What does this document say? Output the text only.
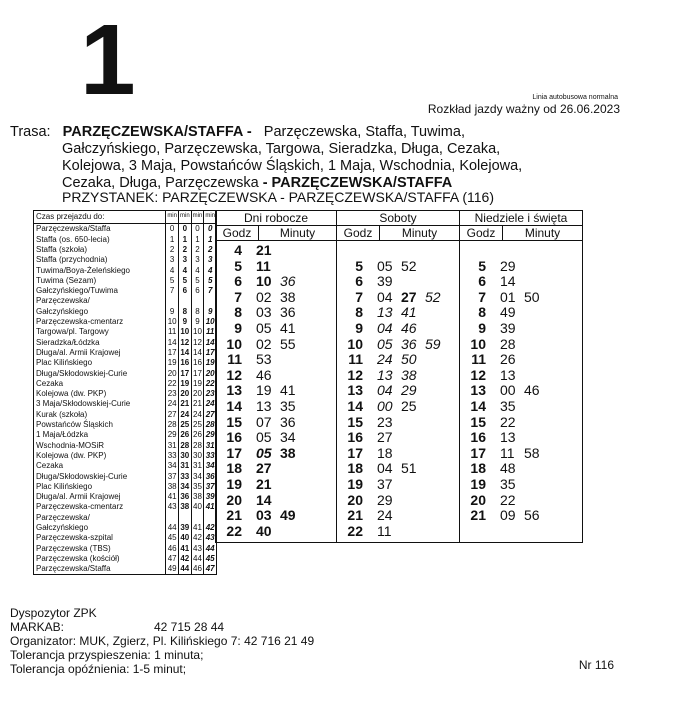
1	Linia autobusowa normalna
Rozkład jazdy ważny od 26.06.2023
Trasa: PARZĘCZEWSKA/STAFFA - Parzęczewska, Staffa, Tuwima,
Gałczyńskiego, Parzęczewska, Targowa, Sieradzka, Długa, Cezaka,
Kolejowa, 3 Maja, Powstańców Śląskich, 1 Maja, Wschodnia, Kolejowa,
Cezaka, Długa, Parzęczewska - PARZĘCZEWSKA/STAFFA
PRZYSTANEK: PARZĘCZEWSKA - PARZĘCZEWSKA/STAFFA (116)
Czas przejazdu do:	min	min	min	min
Parzęczewska/Staffa	0	0	0	0
Staffa (os. 650-lecia)	1	1	1	1
Staffa (szkoła)	2	2	2	2
Staffa (przychodnia)	3	3	3	3
Tuwima/Boya-Żeleńskiego	4	4	4	4
Tuwima (Sezam)	5	5	5	5
Gałczyńskiego/Tuwima	7	6	6	7
Parzęczewska/				
Gałczyńskiego	9	8	8	9
Parzęczewska-cmentarz	10	9	9	10
Targowa/pl. Targowy	11	10	10	11
Sieradzka/Łódzka	14	12	12	14
Długa/al. Armii Krajowej	17	14	14	17
Plac Kilińskiego	19	16	16	19
Długa/Skłodowskiej-Curie	20	17	17	20
Cezaka	22	19	19	22
Kolejowa (dw. PKP)	23	20	20	23
3 Maja/Skłodowskiej-Curie	24	21	21	24
Kurak (szkoła)	27	24	24	27
Powstańców Śląskich	28	25	25	28
1 Maja/Łódzka	29	26	26	29
Wschodnia-MOSiR	31	28	28	31
Kolejowa (dw. PKP)	33	30	30	33
Cezaka	34	31	31	34
Długa/Skłodowskiej-Curie	37	33	34	36
Plac Kilińskiego	38	34	35	37
Długa/al. Armii Krajowej	41	36	38	39
Parzęczewska-cmentarz	43	38	40	41
Parzęczewska/				
Gałczyńskiego	44	39	41	42
Parzęczewska-szpital	45	40	42	43
Parzęczewska (TBS)	46	41	43	44
Parzęczewska (kościół)	47	42	44	45
Parzęczewska/Staffa	49	44	46	47
Dni robocze
Godz	Minuty
4	21
5	11
6	10 36
7	02 38
8	03 36
9	05 41
10	02 55
11	53
12	46
13	19 41
14	13 35
15	07 36
16	05 34
17	05 38
18	27
19	21
20	14
21	03 49
22	40
Soboty
Godz	Minuty
5	05 52
6	39
7	04 27 52
8	13 41
9	04 46
10	05 36 59
11	24 50
12	13 38
13	04 29
14	00 25
15	23
16	27
17	18
18	04 51
19	37
20	29
21	24
22	11
Niedziele i święta
Godz	Minuty
5	29
6	14
7	01 50
8	49
9	39
10	28
11	26
12	13
13	00 46
14	35
15	22
16	13
17	11 58
18	48
19	35
20	22
21	09 56
Dyspozytor ZPK MARKAB:	42 715 28 44
Organizator: MUK, Zgierz, Pl. Kilińskiego 7: 42 716 21 49
Tolerancja przyspieszenia: 1 minuta;
Tolerancja opóźnienia: 1-5 minut;	Nr 116
